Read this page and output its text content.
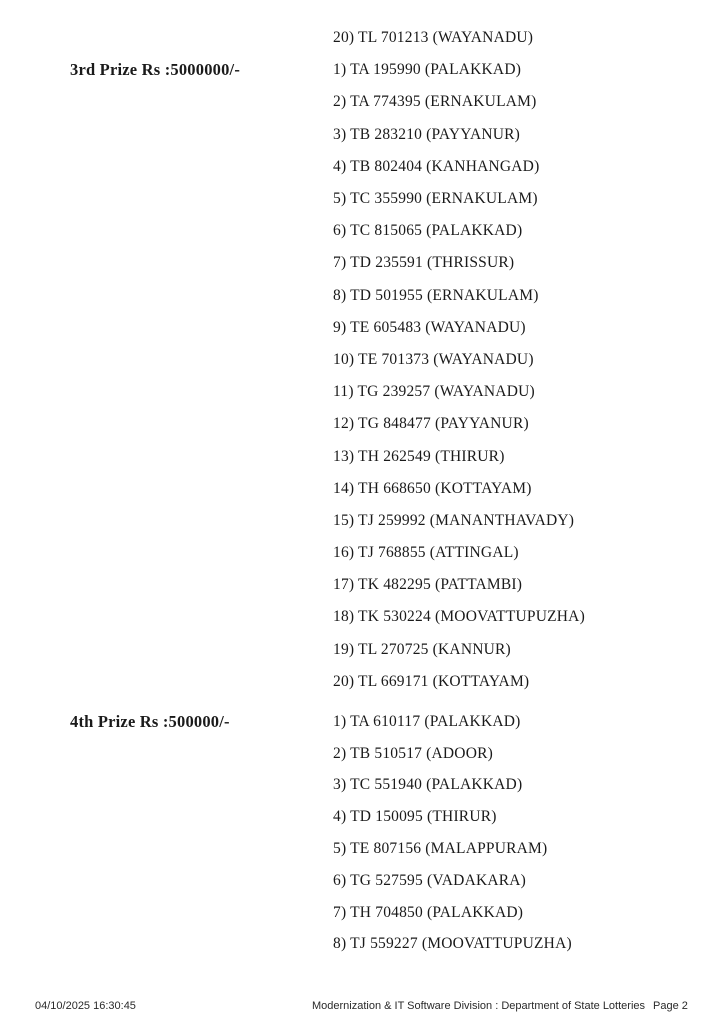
3rd Prize Rs :5000000/-
4th Prize Rs :500000/-
20) TL 701213 (WAYANADU)
1) TA 195990 (PALAKKAD)
2) TA 774395 (ERNAKULAM)
3) TB 283210 (PAYYANUR)
4) TB 802404 (KANHANGAD)
5) TC 355990 (ERNAKULAM)
6) TC 815065 (PALAKKAD)
7) TD 235591 (THRISSUR)
8) TD 501955 (ERNAKULAM)
9) TE 605483 (WAYANADU)
10) TE 701373 (WAYANADU)
11) TG 239257 (WAYANADU)
12) TG 848477 (PAYYANUR)
13) TH 262549 (THIRUR)
14) TH 668650 (KOTTAYAM)
15) TJ 259992 (MANANTHAVADY)
16) TJ 768855 (ATTINGAL)
17) TK 482295 (PATTAMBI)
18) TK 530224 (MOOVATTUPUZHA)
19) TL 270725 (KANNUR)
20) TL 669171 (KOTTAYAM)
1) TA 610117 (PALAKKAD)
2) TB 510517 (ADOOR)
3) TC 551940 (PALAKKAD)
4) TD 150095 (THIRUR)
5) TE 807156 (MALAPPURAM)
6) TG 527595 (VADAKARA)
7) TH 704850 (PALAKKAD)
8) TJ 559227 (MOOVATTUPUZHA)
04/10/2025 16:30:45	Modernization & IT Software Division : Department of State Lotteries Page 2
